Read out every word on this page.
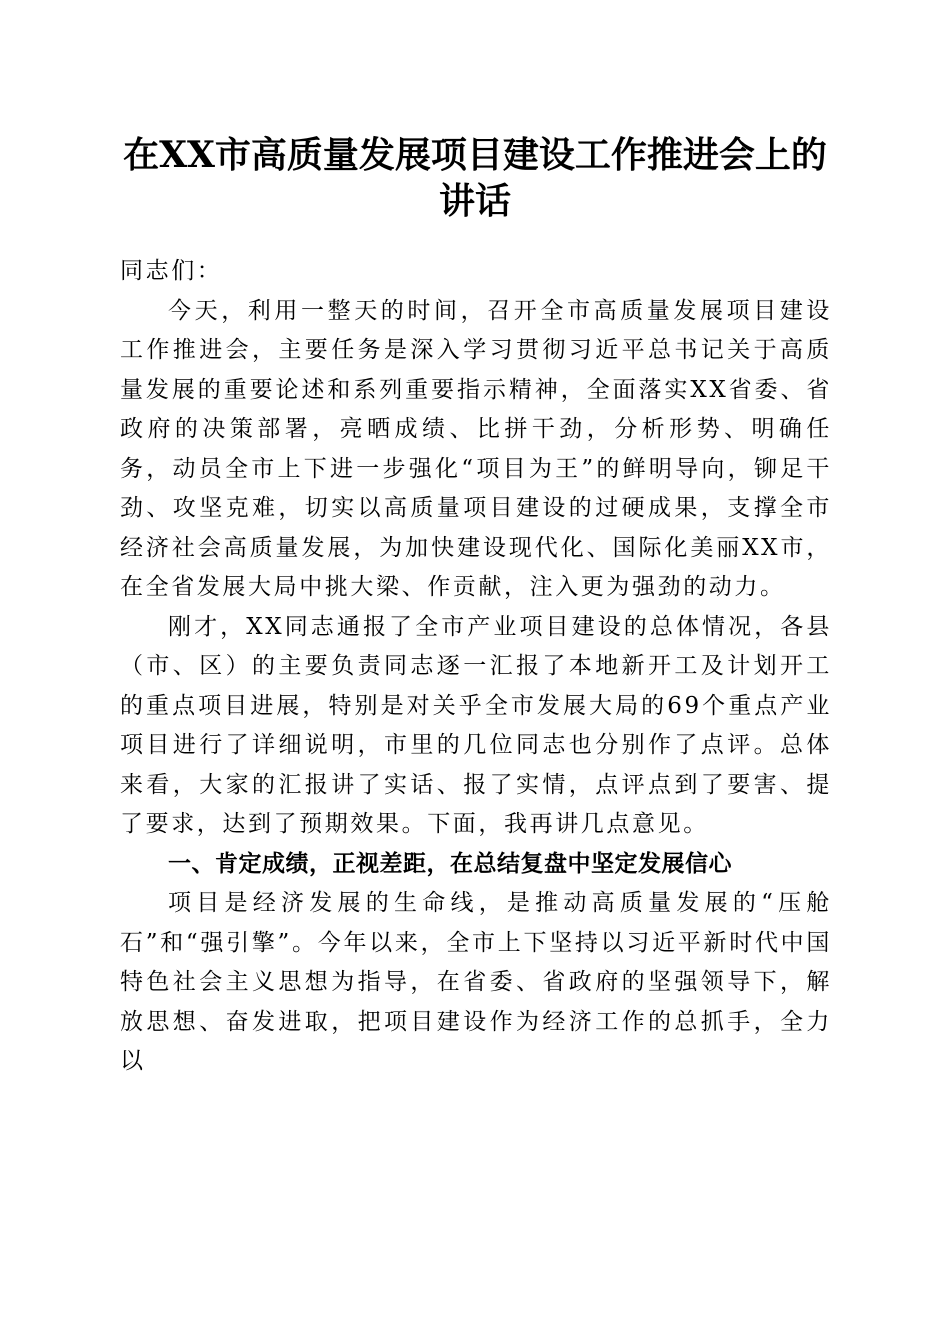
在XX市高质量发展项目建设工作推进会上的
讲话

同志们：

今天，利用一整天的时间，召开全市高质量发展项目建设工作推进会，主要任务是深入学习贯彻习近平总书记关于高质量发展的重要论述和系列重要指示精神，全面落实XX省委、省政府的决策部署，亮晒成绩、比拼干劲，分析形势、明确任务，动员全市上下进一步强化“项目为王”的鲜明导向，铆足干劲、攻坚克难，切实以高质量项目建设的过硬成果，支撑全市经济社会高质量发展，为加快建设现代化、国际化美丽XX市，在全省发展大局中挑大梁、作贡献，注入更为强劲的动力。

刚才，XX同志通报了全市产业项目建设的总体情况，各县（市、区）的主要负责同志逐一汇报了本地新开工及计划开工的重点项目进展，特别是对关乎全市发展大局的69个重点产业项目进行了详细说明，市里的几位同志也分别作了点评。总体来看，大家的汇报讲了实话、报了实情，点评点到了要害、提了要求，达到了预期效果。下面，我再讲几点意见。

一、肯定成绩，正视差距，在总结复盘中坚定发展信心

项目是经济发展的生命线，是推动高质量发展的“压舱石”和“强引擎”。今年以来，全市上下坚持以习近平新时代中国特色社会主义思想为指导，在省委、省政府的坚强领导下，解放思想、奋发进取，把项目建设作为经济工作的总抓手，全力以
